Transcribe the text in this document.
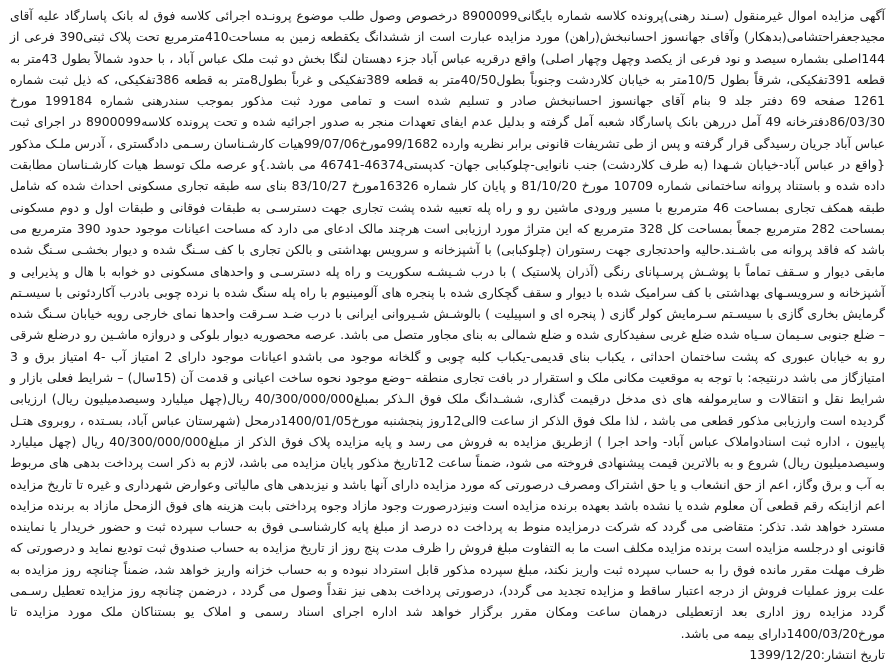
آگهی مزایده اموال غیرمنقول (سـند رهنی)پرونده کلاسه شماره بایگانی8900099 درخصوص وصول طلب موضوع پرونـده اجرائی کلاسه فوق له بانک پاسارگاد علیه آقای مجیدجعفراحتشامی(بدهکار) وآقای جهانسوز احسانبخش(راهن) مورد مزایده عبارت است از ششدانگ یکقطعه زمین به مساحت410مترمربع تحت پلاک ثبتی390 فرعی از 144اصلی بشماره سیصد و نود فرعی از یکصد وچهل وچهار اصلی) واقع درقریه عباس آباد جزء دهستان لنگا بخش دو ثبت ملک عباس آباد ، با حدود شمالاً بطول 43متر به قطعه 391تفکیکی، شرقاً بطول 10/5متر به خیابان کلاردشت وجنوباً بطول40/50متر به قطعه 389تفکیکی و غرباً بطول8متر به قطعه 386تفکیکی، که ذیل ثبت شماره 1261 صفحه 69 دفتر جلد 9 بنام آقای جهانسوز احسانبخش صادر و تسلیم شده است و تمامی مورد ثبت مذکور بموجب سندرهنی شماره 199184 مورخ 86/03/30دفترخانه 49 آمل دررهن بانک پاسارگاد شعبه آمل گرفته و بدلیل عدم ایفای تعهدات منجر به صدور اجرائیه شده و تحت پرونده کلاسه8900099 در اجرای ثبت عباس آباد جریان رسیدگی قرار گرفته و پس از طی تشریفات قانونی برابر نظریه وارده 99/1682مورخ99/07/06هیات کارشـناسان رسـمی دادگستری ، آدرس ملـک مذکور {واقع در عباس آباد-خیابان شـهدا (به طرف کلاردشت) جنب نانوایی-چلوکبابی جهان- کدپستی46374-46741 می باشد.}و عرصه ملک توسط هیات کارشـناسان مطابقت داده شده و باستناد پروانه ساختمانی شماره 10709 مورخ 81/10/20 و پایان کار شماره 16326مورخ 83/10/27 بنای سه طبقه تجاری مسکونی احداث شده که شامل طبقه همکف تجاری بمساحت 46 مترمربع با مسیر ورودی ماشین رو و راه پله تعبیه شده پشت تجاری جهت دسترسـی به طبقات فوقانی و طبقات اول و دوم مسکونی بمساحت 282 مترمربع جمعاً بمساحت کل 328 مترمربع که این متراژ مورد ارزیابی است هرچند مالک ادعای می دارد که مساحت اعیانات موجود حدود 390 مترمربع می باشد که فاقد پروانه می باشـند.حالیه واحدتجاری جهت رستوران (چلوکبابی) با آشپزخانه و سرویس بهداشتی و بالکن تجاری با کف سـنگ شده و دیوار بخشـی سـنگ شده مابقی دیوار و سـقف تماماً با پوشـش پرسـپانای رنگی (آذران پلاستیک ) با درب شـیشـه سکوریت و راه پله دسترسـی و واحدهای مسکونی دو خوابه با هال و پذیرایی و آشپزخانه و سرویسـهای بهداشتی با کف سرامیک شده با دیوار و سقف گچکاری شده با پنجره های آلومینیوم با راه پله سنگ شده با نرده چوبی بادرب آکاردئونی با سیسـتم گرمایش بخاری گازی با سیسـتم سـرمایش کولر گازی ( پنجره ای و اسپیلیت ) بالوشـش شـیروانی ایرانی با درب ضـد سـرقت واحدها نمای خارجی رویه خیابان سـنگ شده – ضلع جنوبی سـیمان سـیاه شده ضلع غربی سفیدکاری شده و ضلع شمالی به بنای مجاور متصل می باشد. عرصه محصوریه دیوار بلوکی و دروازه ماشـین رو درضلع شرقی رو به خیابان عبوری که پشت ساختمان احداثی ، یکباب بنای قدیمی-یکباب کلبه چوبی و گلخانه موجود می باشدو اعیانات موجود دارای 2 امتیاز آب -4 امتیاز برق و 3 امتیازگاز می باشد درنتیجه: با توجه به موقعیت مکانی ملک و استقرار در بافت تجاری منطقه –وضع موجود نحوه ساخت اعیانی و قدمت آن (15سال) – شرایط فعلی بازار و شرایط نقل و انتقالات و سایرمولفه های ذی مدخل درقیمت گذاری، ششـدانگ ملک فوق الـذکر بمبلغ40/300/000/000 ریال(چهل میلیارد وسیصدمیلیون ریال) ارزیابی گردیده است وارزیابی مذکور قطعی می باشد ، لذا ملک فوق الذکر از ساعت 9الی12روز پنجشنبه مورخ1400/01/05درمحل (شهرستان عباس آباد، بسـتده ، روبروی هتـل پاییون ، اداره ثبت اسنادواملاک عباس آباد- واحد اجرا ) ازطریق مزایده به فروش می رسد و پایه مزایده پلاک فوق الذکر از مبلغ40/300/000/000 ریال (چهل میلیارد وسیصدمیلیون ریال) شروع و به بالاترین قیمت پیشنهادی فروخته می شود، ضمناً ساعت 12تاریخ مذکور پایان مزایده می باشد، لازم به ذکر است پرداخت بدهی های مربوط به آب و برق وگاز، اعم از حق انشعاب و یا حق اشتراک ومصرف درصورتی که مورد مزایده دارای آنها باشد و نیزبدهی های مالیاتی وعوارض شهرداری و غیره تا تاریخ مزایده اعم ازاینکه رقم قطعی آن معلوم شده یا نشده باشد بعهده برنده مزایده است ونیزدرصورت وجود مازاد وجوه پرداختی بابت هزینه های فوق الزمحل مازاد به برنده مزایده مسترد خواهد شد. تذکر: متقاضی می گردد که شرکت درمزایده منوط به پرداخت ده درصد از مبلغ پایه کارشناسـی فوق به حساب سپرده ثبت و حضور خریدار یا نماینده قانونی او درجلسه مزایده است برنده مزایده مکلف است ما به التفاوت مبلغ فروش را ظرف مدت پنج روز از تاریخ مزایده به حساب صندوق ثبت تودیع نماید و درصورتی که ظرف مهلت مقرر مانده فوق را به حساب سپرده ثبت واریز نکند، مبلغ سپرده مذکور قابل استرداد نبوده و به حساب خزانه واریز خواهد شد، ضمناً چنانچه روز مزایده به علت بروز عملیات فروش از درجه اعتبار ساقط و مزایده تجدید می گردد)، درصورتی پرداخت بدهی نیز نقداً وصول می گردد ، درضمن چنانچه روز مزایده تعطیل رسـمی گردد مزایده روز اداری بعد ازتعطیلی درهمان ساعت ومکان مقرر برگزار خواهد شد اداره اجرای اسناد رسمی و املاک یو بستناکان ملک مورد مزایده تا مورخ1400/03/20دارای بیمه می باشد.

تاریخ انتشار:1399/12/20
